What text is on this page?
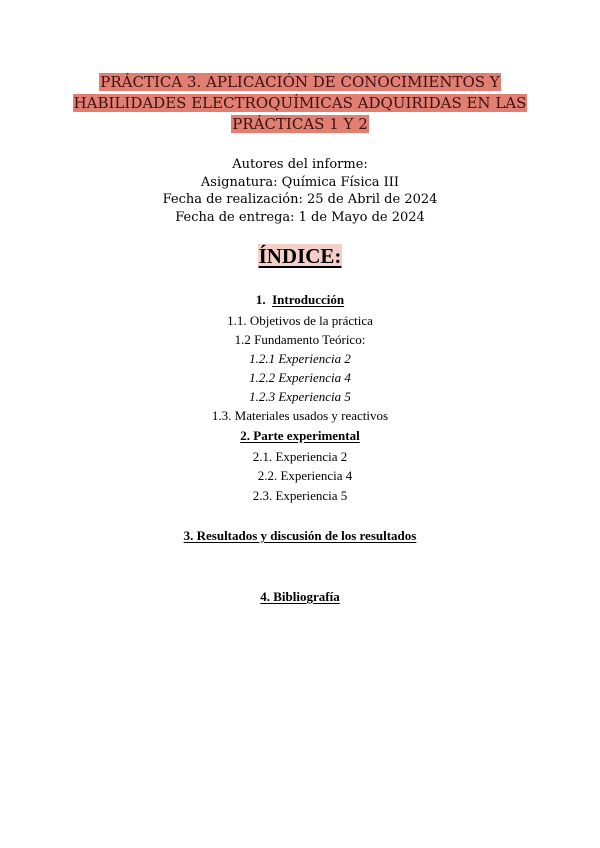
PRÁCTICA 3. APLICACIÓN DE CONOCIMIENTOS Y HABILIDADES ELECTROQUÍMICAS ADQUIRIDAS EN LAS PRÁCTICAS 1 Y 2
Autores del informe:
Asignatura: Química Física III
Fecha de realización: 25 de Abril de 2024
Fecha de entrega: 1 de Mayo de 2024
ÍNDICE:
1. Introducción
1.1. Objetivos de la práctica
1.2 Fundamento Teórico:
1.2.1 Experiencia 2
1.2.2 Experiencia 4
1.2.3 Experiencia 5
1.3. Materiales usados y reactivos
2. Parte experimental
2.1. Experiencia 2
2.2. Experiencia 4
2.3. Experiencia 5
3. Resultados y discusión de los resultados
4. Bibliografía
